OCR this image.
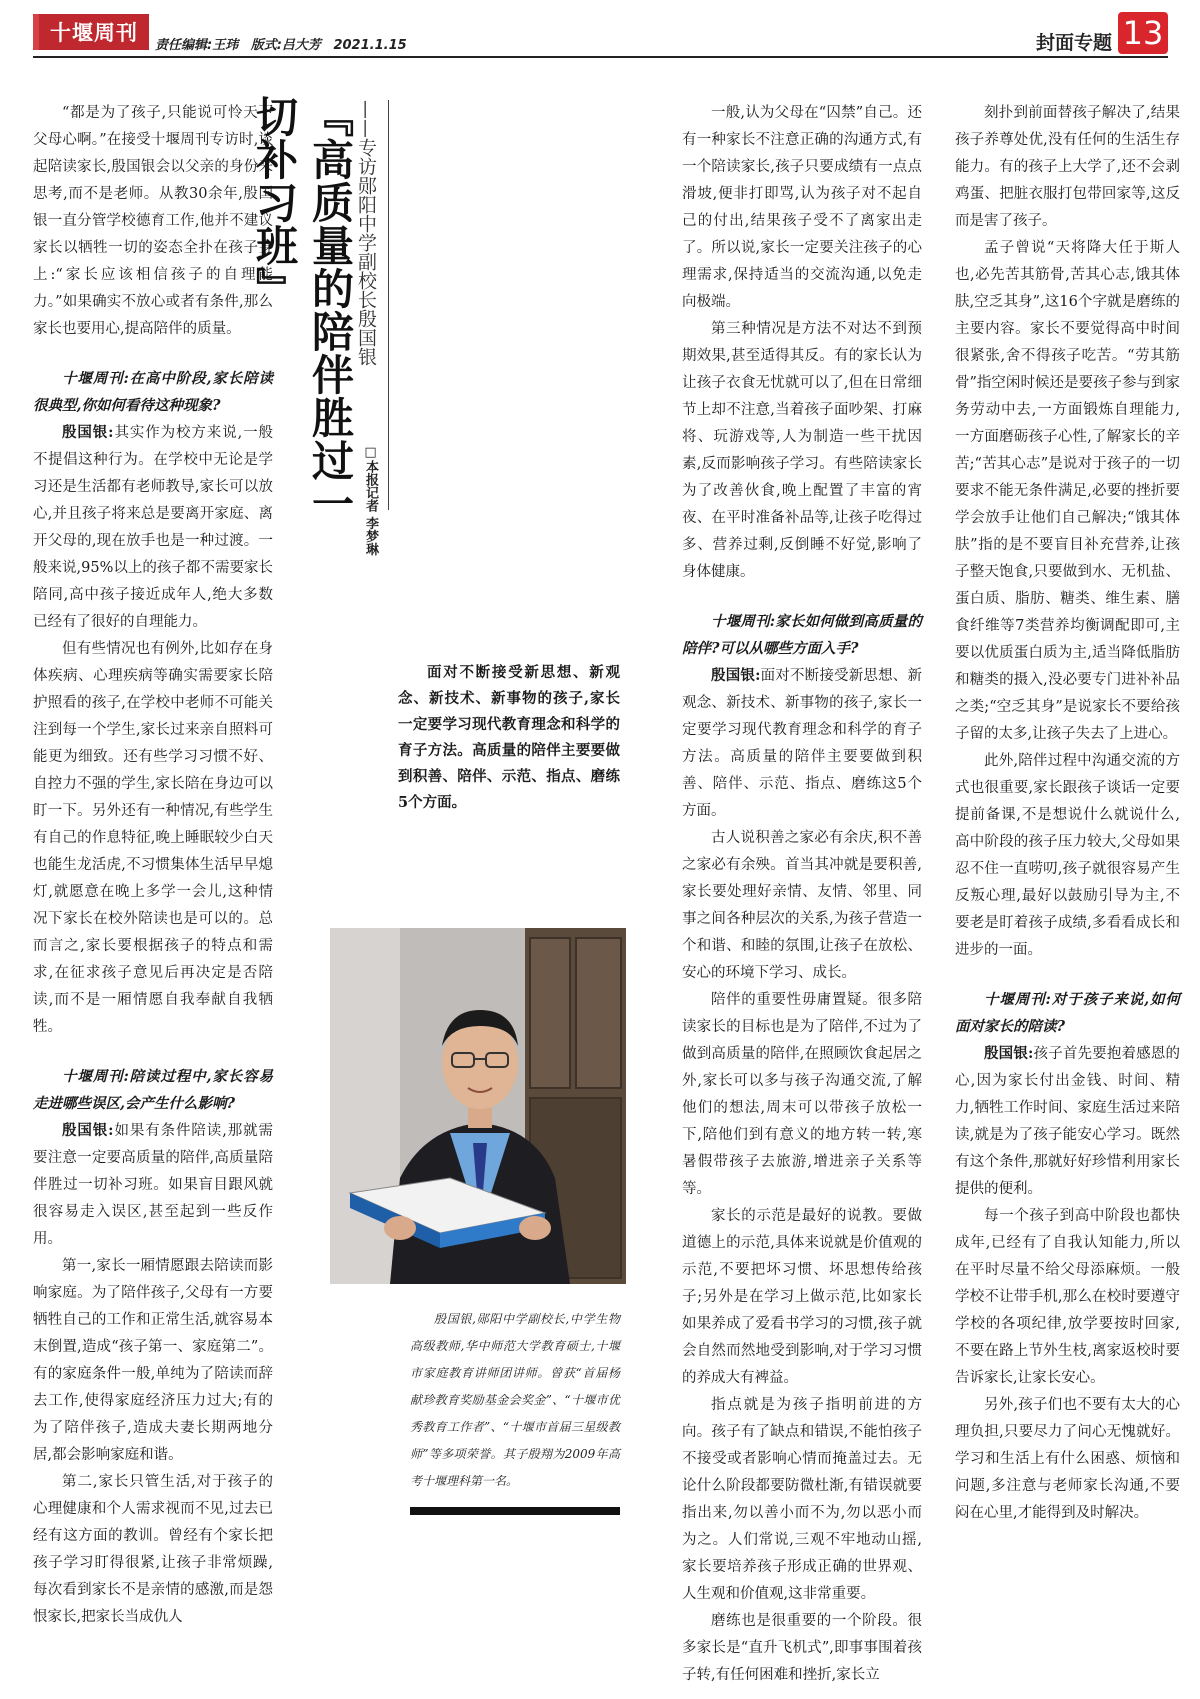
十堰周刊
责任编辑:王玮 版式:吕大芳 2021.1.15	封面专题 13

“都是为了孩子,只能说可怜天下父母心啊。”在接受十堰周刊专访时,谈起陪读家长,殷国银会以父亲的身份来思考,而不是老师。从教30余年,殷国银一直分管学校德育工作,他并不建议家长以牺牲一切的姿态全扑在孩子身上:“家长应该相信孩子的自理能力。”如果确实不放心或者有条件,那么家长也要用心,提高陪伴的质量。

十堰周刊:在高中阶段,家长陪读很典型,你如何看待这种现象?

殷国银:其实作为校方来说,一般不提倡这种行为。在学校中无论是学习还是生活都有老师教导,家长可以放心,并且孩子将来总是要离开家庭、离开父母的,现在放手也是一种过渡。一般来说,95%以上的孩子都不需要家长陪同,高中孩子接近成年人,绝大多数已经有了很好的自理能力。

但有些情况也有例外,比如存在身体疾病、心理疾病等确实需要家长陪护照看的孩子,在学校中老师不可能关注到每一个学生,家长过来亲自照料可能更为细致。还有些学习习惯不好、自控力不强的学生,家长陪在身边可以盯一下。另外还有一种情况,有些学生有自己的作息特征,晚上睡眠较少白天也能生龙活虎,不习惯集体生活早早熄灯,就愿意在晚上多学一会儿,这种情况下家长在校外陪读也是可以的。总而言之,家长要根据孩子的特点和需求,在征求孩子意见后再决定是否陪读,而不是一厢情愿自我奉献自我牺牲。

十堰周刊:陪读过程中,家长容易走进哪些误区,会产生什么影响?

殷国银:如果有条件陪读,那就需要注意一定要高质量的陪伴,高质量陪伴胜过一切补习班。如果盲目跟风就很容易走入误区,甚至起到一些反作用。

第一,家长一厢情愿跟去陪读而影响家庭。为了陪伴孩子,父母有一方要牺牲自己的工作和正常生活,就容易本末倒置,造成“孩子第一、家庭第二”。有的家庭条件一般,单纯为了陪读而辞去工作,使得家庭经济压力过大;有的为了陪伴孩子,造成夫妻长期两地分居,都会影响家庭和谐。

第二,家长只管生活,对于孩子的心理健康和个人需求视而不见,过去已经有这方面的教训。曾经有个家长把孩子学习盯得很紧,让孩子非常烦躁,每次看到家长不是亲情的感激,而是怨恨家长,把家长当成仇人

『高质量的陪伴胜过一切补习班』	——专访郧阳中学副校长殷国银
□本报记者 李梦琳
面对不断接受新思想、新观念、新技术、新事物的孩子,家长一定要学习现代教育理念和科学的育子方法。高质量的陪伴主要要做到积善、陪伴、示范、指点、磨练5个方面。
殷国银,郧阳中学副校长,中学生物高级教师,华中师范大学教育硕士,十堰市家庭教育讲师团讲师。曾获“首届杨献珍教育奖励基金会奖金”、“十堰市优秀教育工作者”、“十堰市首届三星级教师”等多项荣誉。其子殷翔为2009年高考十堰理科第一名。

一般,认为父母在“囚禁”自己。还有一种家长不注意正确的沟通方式,有一个陪读家长,孩子只要成绩有一点点滑坡,便非打即骂,认为孩子对不起自己的付出,结果孩子受不了离家出走了。所以说,家长一定要关注孩子的心理需求,保持适当的交流沟通,以免走向极端。

第三种情况是方法不对达不到预期效果,甚至适得其反。有的家长认为让孩子衣食无忧就可以了,但在日常细节上却不注意,当着孩子面吵架、打麻将、玩游戏等,人为制造一些干扰因素,反而影响孩子学习。有些陪读家长为了改善伙食,晚上配置了丰富的宵夜、在平时准备补品等,让孩子吃得过多、营养过剩,反倒睡不好觉,影响了身体健康。

十堰周刊:家长如何做到高质量的陪伴?可以从哪些方面入手?

殷国银:面对不断接受新思想、新观念、新技术、新事物的孩子,家长一定要学习现代教育理念和科学的育子方法。高质量的陪伴主要要做到积善、陪伴、示范、指点、磨练这5个方面。

古人说积善之家必有余庆,积不善之家必有余殃。首当其冲就是要积善,家长要处理好亲情、友情、邻里、同事之间各种层次的关系,为孩子营造一个和谐、和睦的氛围,让孩子在放松、安心的环境下学习、成长。

陪伴的重要性毋庸置疑。很多陪读家长的目标也是为了陪伴,不过为了做到高质量的陪伴,在照顾饮食起居之外,家长可以多与孩子沟通交流,了解他们的想法,周末可以带孩子放松一下,陪他们到有意义的地方转一转,寒暑假带孩子去旅游,增进亲子关系等等。

家长的示范是最好的说教。要做道德上的示范,具体来说就是价值观的示范,不要把坏习惯、坏思想传给孩子;另外是在学习上做示范,比如家长如果养成了爱看书学习的习惯,孩子就会自然而然地受到影响,对于学习习惯的养成大有裨益。

指点就是为孩子指明前进的方向。孩子有了缺点和错误,不能怕孩子不接受或者影响心情而掩盖过去。无论什么阶段都要防微杜渐,有错误就要指出来,勿以善小而不为,勿以恶小而为之。人们常说,三观不牢地动山摇,家长要培养孩子形成正确的世界观、人生观和价值观,这非常重要。

磨练也是很重要的一个阶段。很多家长是“直升飞机式”,即事事围着孩子转,有任何困难和挫折,家长立

刻扑到前面替孩子解决了,结果孩子养尊处优,没有任何的生活生存能力。有的孩子上大学了,还不会剥鸡蛋、把脏衣服打包带回家等,这反而是害了孩子。

孟子曾说“天将降大任于斯人也,必先苦其筋骨,苦其心志,饿其体肤,空乏其身”,这16个字就是磨练的主要内容。家长不要觉得高中时间很紧张,舍不得孩子吃苦。“劳其筋骨”指空闲时候还是要孩子参与到家务劳动中去,一方面锻炼自理能力,一方面磨砺孩子心性,了解家长的辛苦;“苦其心志”是说对于孩子的一切要求不能无条件满足,必要的挫折要学会放手让他们自己解决;“饿其体肤”指的是不要盲目补充营养,让孩子整天饱食,只要做到水、无机盐、蛋白质、脂肪、糖类、维生素、膳食纤维等7类营养均衡调配即可,主要以优质蛋白质为主,适当降低脂肪和糖类的摄入,没必要专门进补补品之类;“空乏其身”是说家长不要给孩子留的太多,让孩子失去了上进心。

此外,陪伴过程中沟通交流的方式也很重要,家长跟孩子谈话一定要提前备课,不是想说什么就说什么,高中阶段的孩子压力较大,父母如果忍不住一直唠叨,孩子就很容易产生反叛心理,最好以鼓励引导为主,不要老是盯着孩子成绩,多看看成长和进步的一面。

十堰周刊:对于孩子来说,如何面对家长的陪读?

殷国银:孩子首先要抱着感恩的心,因为家长付出金钱、时间、精力,牺牲工作时间、家庭生活过来陪读,就是为了孩子能安心学习。既然有这个条件,那就好好珍惜利用家长提供的便利。

每一个孩子到高中阶段也都快成年,已经有了自我认知能力,所以在平时尽量不给父母添麻烦。一般学校不让带手机,那么在校时要遵守学校的各项纪律,放学要按时回家,不要在路上节外生枝,离家返校时要告诉家长,让家长安心。

另外,孩子们也不要有太大的心理负担,只要尽力了问心无愧就好。学习和生活上有什么困惑、烦恼和问题,多注意与老师家长沟通,不要闷在心里,才能得到及时解决。
